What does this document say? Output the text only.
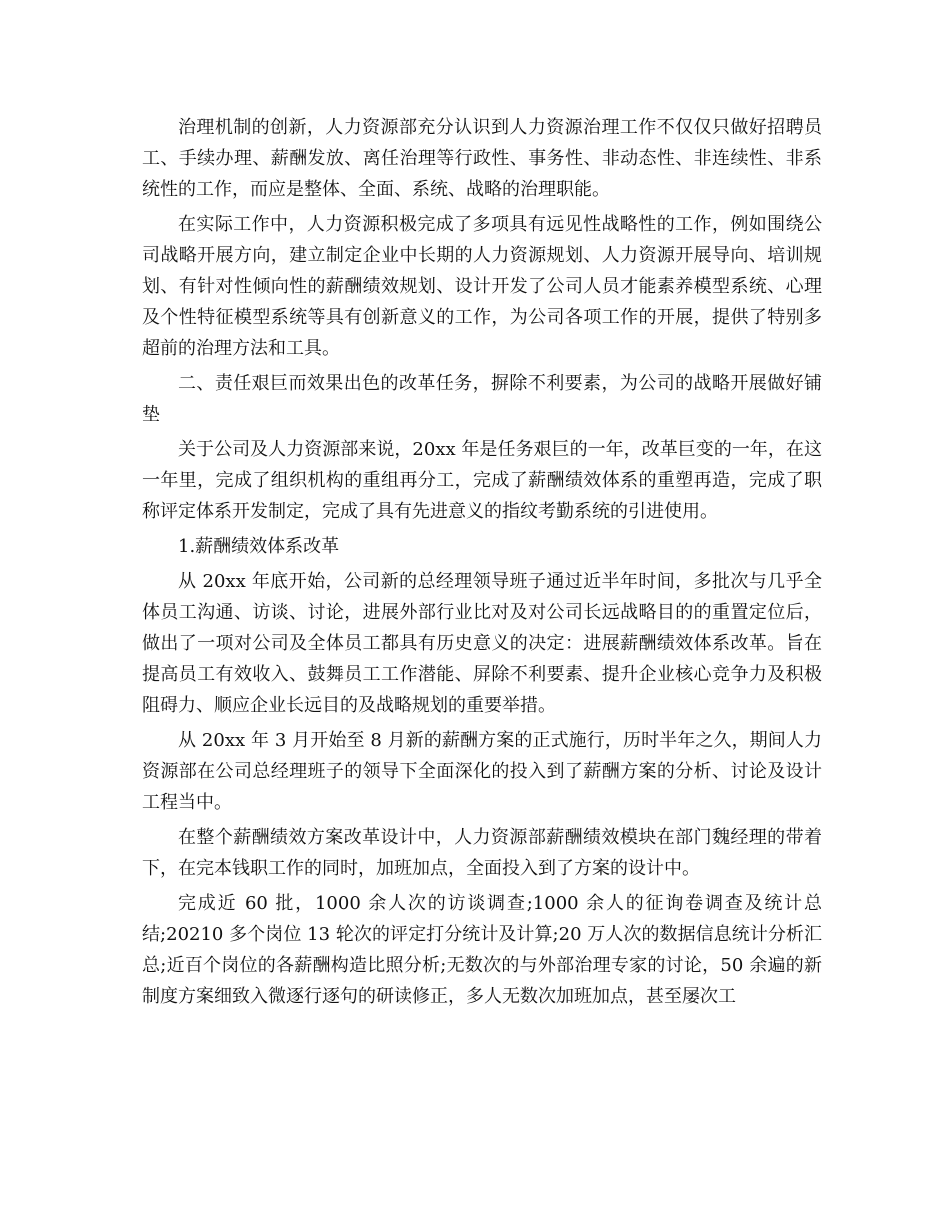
治理机制的创新，人力资源部充分认识到人力资源治理工作不仅仅只做好招聘员工、手续办理、薪酬发放、离任治理等行政性、事务性、非动态性、非连续性、非系统性的工作，而应是整体、全面、系统、战略的治理职能。

在实际工作中，人力资源积极完成了多项具有远见性战略性的工作，例如围绕公司战略开展方向，建立制定企业中长期的人力资源规划、人力资源开展导向、培训规划、有针对性倾向性的薪酬绩效规划、设计开发了公司人员才能素养模型系统、心理及个性特征模型系统等具有创新意义的工作，为公司各项工作的开展，提供了特别多超前的治理方法和工具。

二、责任艰巨而效果出色的改革任务，摒除不利要素，为公司的战略开展做好铺垫

关于公司及人力资源部来说，20xx 年是任务艰巨的一年，改革巨变的一年，在这一年里，完成了组织机构的重组再分工，完成了薪酬绩效体系的重塑再造，完成了职称评定体系开发制定，完成了具有先进意义的指纹考勤系统的引进使用。

1.薪酬绩效体系改革

从 20xx 年底开始，公司新的总经理领导班子通过近半年时间，多批次与几乎全体员工沟通、访谈、讨论，进展外部行业比对及对公司长远战略目的的重置定位后，做出了一项对公司及全体员工都具有历史意义的决定：进展薪酬绩效体系改革。旨在提高员工有效收入、鼓舞员工工作潜能、屏除不利要素、提升企业核心竞争力及积极阻碍力、顺应企业长远目的及战略规划的重要举措。

从 20xx 年 3 月开始至 8 月新的薪酬方案的正式施行，历时半年之久，期间人力资源部在公司总经理班子的领导下全面深化的投入到了薪酬方案的分析、讨论及设计工程当中。

在整个薪酬绩效方案改革设计中，人力资源部薪酬绩效模块在部门魏经理的带着下，在完本钱职工作的同时，加班加点，全面投入到了方案的设计中。

完成近 60 批，1000 余人次的访谈调查;1000 余人的征询卷调查及统计总结;20210 多个岗位 13 轮次的评定打分统计及计算;20 万人次的数据信息统计分析汇总;近百个岗位的各薪酬构造比照分析;无数次的与外部治理专家的讨论，50 余遍的新制度方案细致入微逐行逐句的研读修正，多人无数次加班加点，甚至屡次工
